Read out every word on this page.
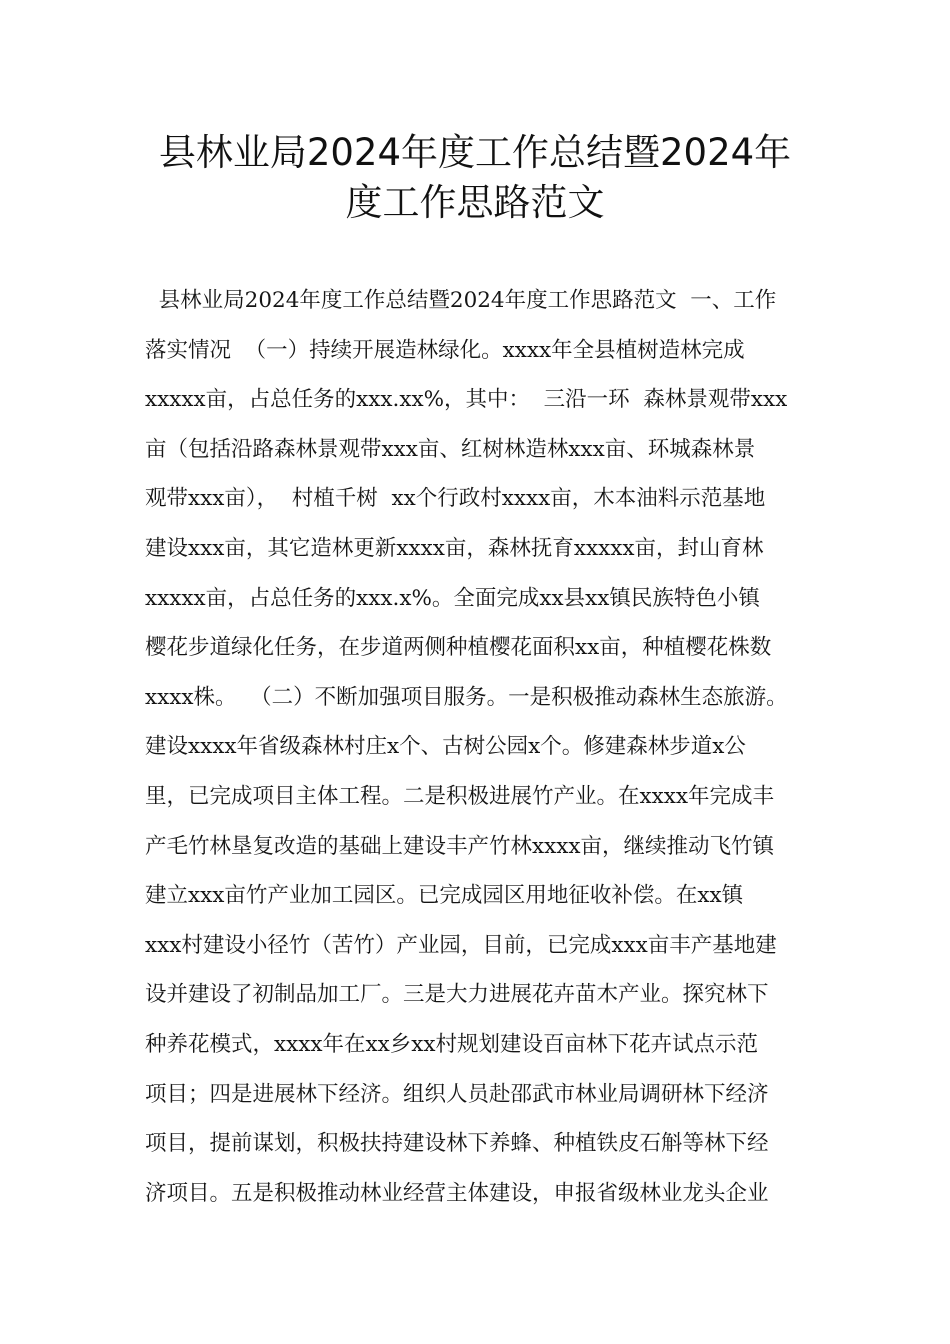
县林业局2024年度工作总结暨2024年
度工作思路范文
县林业局2024年度工作总结暨2024年度工作思路范文  一、工作
落实情况  （一）持续开展造林绿化。xxxx年全县植树造林完成
xxxxx亩，占总任务的xxx.xx%，其中：  三沿一环  森林景观带xxx
亩（包括沿路森林景观带xxx亩、红树林造林xxx亩、环城森林景
观带xxx亩），  村植千树  xx个行政村xxxx亩，木本油料示范基地
建设xxx亩，其它造林更新xxxx亩，森林抚育xxxxx亩，封山育林
xxxxx亩，占总任务的xxx.x%。全面完成xx县xx镇民族特色小镇
樱花步道绿化任务，在步道两侧种植樱花面积xx亩，种植樱花株数
xxxx株。  （二）不断加强项目服务。一是积极推动森林生态旅游。
建设xxxx年省级森林村庄x个、古树公园x个。修建森林步道x公
里，已完成项目主体工程。二是积极进展竹产业。在xxxx年完成丰
产毛竹林垦复改造的基础上建设丰产竹林xxxx亩，继续推动飞竹镇
建立xxx亩竹产业加工园区。已完成园区用地征收补偿。在xx镇
xxx村建设小径竹（苦竹）产业园，目前，已完成xxx亩丰产基地建
设并建设了初制品加工厂。三是大力进展花卉苗木产业。探究林下
种养花模式，xxxx年在xx乡xx村规划建设百亩林下花卉试点示范
项目；四是进展林下经济。组织人员赴邵武市林业局调研林下经济
项目，提前谋划，积极扶持建设林下养蜂、种植铁皮石斛等林下经
济项目。五是积极推动林业经营主体建设，申报省级林业龙头企业
